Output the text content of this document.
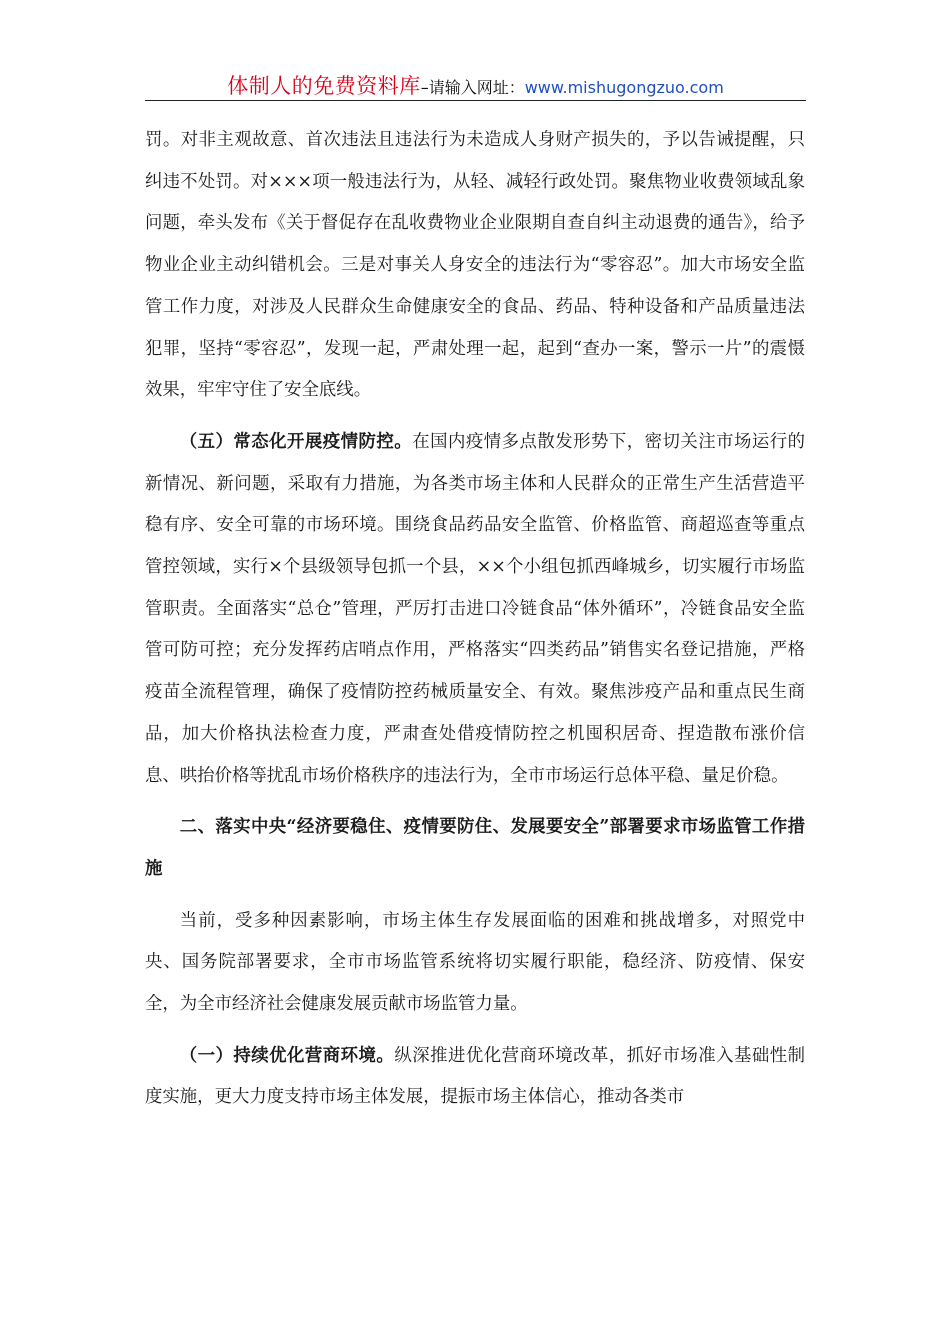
体制人的免费资料库–请输入网址：www.mishugongzuo.com

罚。对非主观故意、首次违法且违法行为未造成人身财产损失的，予以告诫提醒，只纠违不处罚。对×××项一般违法行为，从轻、减轻行政处罚。聚焦物业收费领域乱象问题，牵头发布《关于督促存在乱收费物业企业限期自查自纠主动退费的通告》，给予物业企业主动纠错机会。三是对事关人身安全的违法行为“零容忍”。加大市场安全监管工作力度，对涉及人民群众生命健康安全的食品、药品、特种设备和产品质量违法犯罪，坚持“零容忍”，发现一起，严肃处理一起，起到“查办一案，警示一片”的震慑效果，牢牢守住了安全底线。

（五）常态化开展疫情防控。在国内疫情多点散发形势下，密切关注市场运行的新情况、新问题，采取有力措施，为各类市场主体和人民群众的正常生产生活营造平稳有序、安全可靠的市场环境。围绕食品药品安全监管、价格监管、商超巡查等重点管控领域，实行×个县级领导包抓一个县，××个小组包抓西峰城乡，切实履行市场监管职责。全面落实“总仓”管理，严厉打击进口冷链食品“体外循环”，冷链食品安全监管可防可控；充分发挥药店哨点作用，严格落实“四类药品”销售实名登记措施，严格疫苗全流程管理，确保了疫情防控药械质量安全、有效。聚焦涉疫产品和重点民生商品，加大价格执法检查力度，严肃查处借疫情防控之机囤积居奇、捏造散布涨价信息、哄抬价格等扰乱市场价格秩序的违法行为，全市市场运行总体平稳、量足价稳。

二、落实中央“经济要稳住、疫情要防住、发展要安全”部署要求市场监管工作措施

当前，受多种因素影响，市场主体生存发展面临的困难和挑战增多，对照党中央、国务院部署要求，全市市场监管系统将切实履行职能，稳经济、防疫情、保安全，为全市经济社会健康发展贡献市场监管力量。

（一）持续优化营商环境。纵深推进优化营商环境改革，抓好市场准入基础性制度实施，更大力度支持市场主体发展，提振市场主体信心，推动各类市
